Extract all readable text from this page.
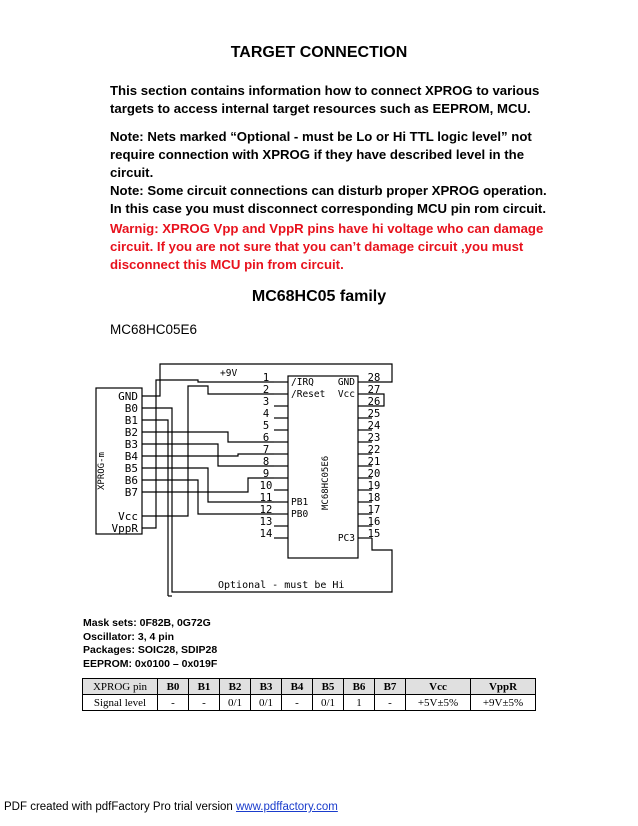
TARGET CONNECTION
This section contains information how to connect XPROG to various
targets to access internal target resources such as EEPROM, MCU.
Note: Nets marked “Optional - must be Lo or Hi TTL logic level” not
require connection with XPROG if they have described level in the
circuit.
Note: Some circuit connections can disturb proper XPROG operation.
In this case you must disconnect corresponding MCU pin rom circuit.
Warnig: XPROG Vpp and VppR pins have hi voltage who can damage
circuit. If you are not sure that you can’t damage circuit ,you must
disconnect this MCU pin from circuit.
MC68HC05 family
MC68HC05E6
GND
B0
B1
B2
B3
B4
B5
B6
B7
Vcc
VppR
XPROG-m
1
2
3
4
5
6
7
8
9
10
11
12
13
14
28
27
26
25
24
23
22
21
20
19
18
17
16
15
/IRQ
/Reset
GND
Vcc
PB1
PB0
PC3
MC68HC05E6
+9V
Optional - must be Hi
Mask sets: 0F82B, 0G72G
Oscillator: 3, 4 pin
Packages: SOIC28, SDIP28
EEPROM: 0x0100 – 0x019F
XPROG pin	B0	B1	B2	B3	B4	B5	B6	B7	Vcc	VppR
Signal level	-	-	0/1	0/1	-	0/1	1	-	+5V±5%	+9V±5%
PDF created with pdfFactory Pro trial version www.pdffactory.com
